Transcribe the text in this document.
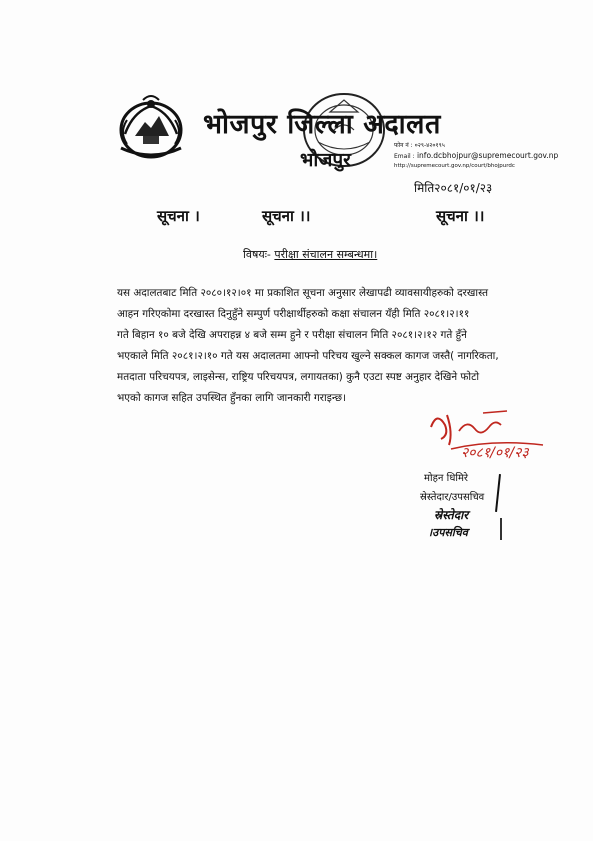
भोजपुर जिल्ला अदालत
भोजपुर
फोन नं : ०२९-४२०१९५
Email : info.dcbhojpur@supremecourt.gov.np
http://supremecourt.gov.np/court/bhojpurdc
मिति२०८१/०१/२३
सूचना ।	सूचना ।।	सूचना ।।
विषयः- परीक्षा संचालन सम्बन्धमा।
यस अदालतबाट मिति २०८०।१२।०१ मा प्रकाशित सूचना अनुसार लेखापढी व्यावसायीहरुको दरखास्त
आहन गरिएकोमा दरखास्त दिनुहुँने सम्पुर्ण परीक्षार्थीहरुको कक्षा संचालन यँही मिति २०८१।२।११
गते बिहान १० बजे देखि अपराहन्न ४ बजे सम्म हुने र परीक्षा संचालन मिति २०८१।२।१२ गते हुँने
भएकाले मिति २०८१।२।१० गते यस अदालतमा आफ्नो परिचय खुल्ने सक्कल कागज जस्तै( नागरिकता,
मतदाता परिचयपत्र, लाइसेन्स, राष्ट्रिय परिचयपत्र, लगायतका) कुनै एउटा स्पष्ट अनुहार देखिने फोटो
भएको कागज सहित उपस्थित हुँनका लागि जानकारी गराइन्छ।
२०८१/०१/२३
मोहन धिमिरे
स्रेस्तेदार/उपसचिव
स्रेस्तेदार
।उपसचिव
